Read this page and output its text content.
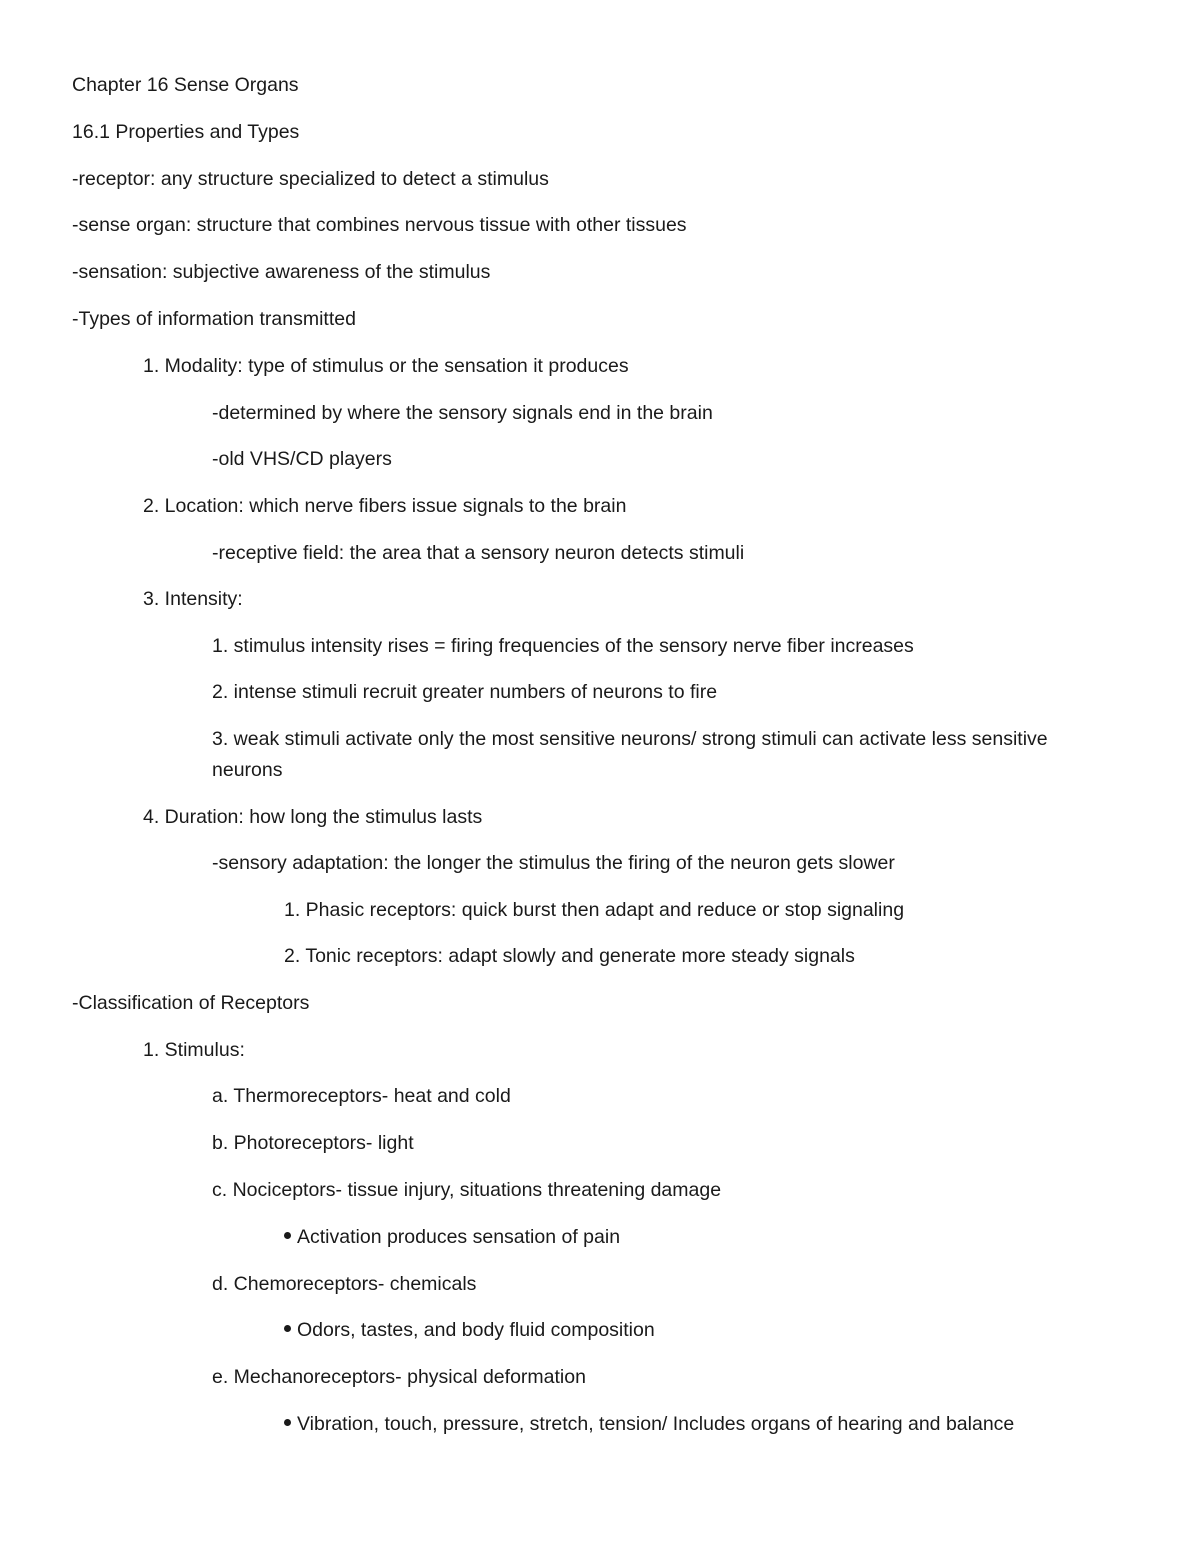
Chapter 16 Sense Organs
16.1 Properties and Types
-receptor: any structure specialized to detect a stimulus
-sense organ: structure that combines nervous tissue with other tissues
-sensation: subjective awareness of the stimulus
-Types of information transmitted
1. Modality: type of stimulus or the sensation it produces
-determined by where the sensory signals end in the brain
-old VHS/CD players
2. Location: which nerve fibers issue signals to the brain
-receptive field: the area that a sensory neuron detects stimuli
3. Intensity:
1. stimulus intensity rises = firing frequencies of the sensory nerve fiber increases
2. intense stimuli recruit greater numbers of neurons to fire
3. weak stimuli activate only the most sensitive neurons/ strong stimuli can activate less sensitive neurons
4. Duration: how long the stimulus lasts
-sensory adaptation: the longer the stimulus the firing of the neuron gets slower
1. Phasic receptors: quick burst then adapt and reduce or stop signaling
2. Tonic receptors: adapt slowly and generate more steady signals
-Classification of Receptors
1. Stimulus:
a. Thermoreceptors- heat and cold
b. Photoreceptors- light
c. Nociceptors- tissue injury, situations threatening damage
Activation produces sensation of pain
d. Chemoreceptors- chemicals
Odors, tastes, and body fluid composition
e. Mechanoreceptors- physical deformation
Vibration, touch, pressure, stretch, tension/ Includes organs of hearing and balance
